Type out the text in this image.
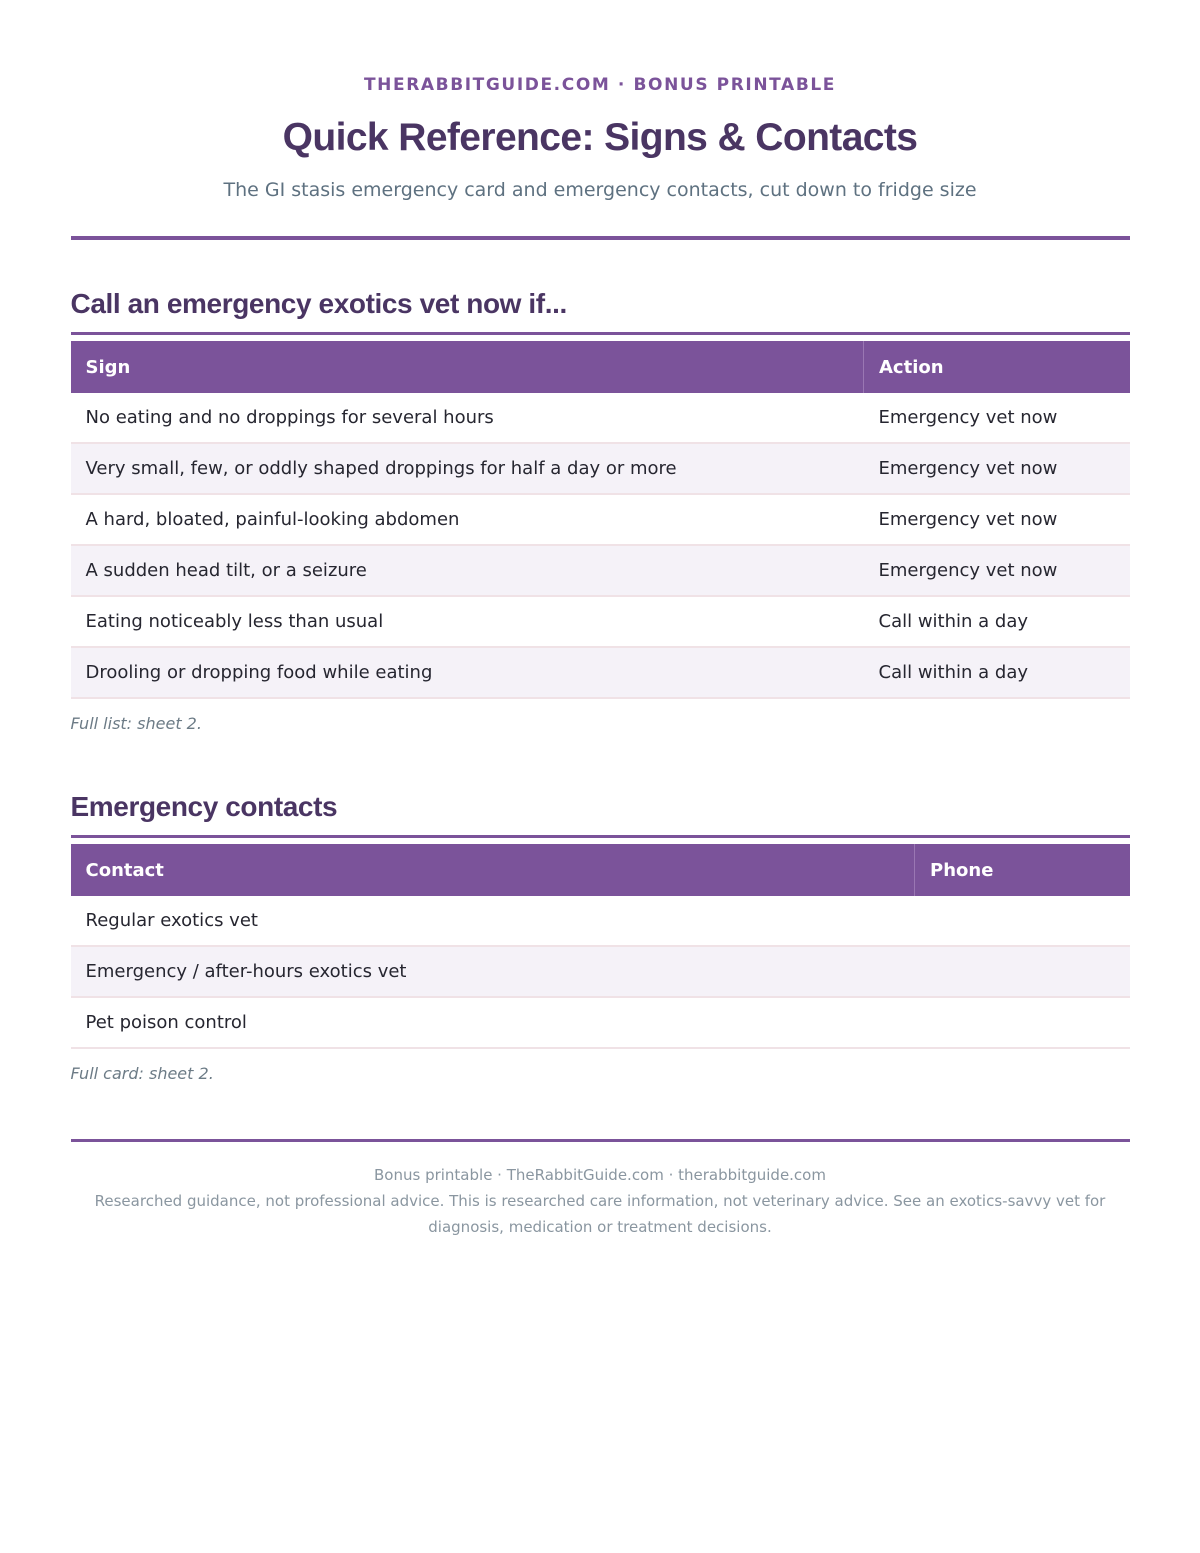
THERABBITGUIDE.COM · BONUS PRINTABLE
Quick Reference: Signs & Contacts
The GI stasis emergency card and emergency contacts, cut down to fridge size
Call an emergency exotics vet now if...
Sign	Action
No eating and no droppings for several hours	Emergency vet now
Very small, few, or oddly shaped droppings for half a day or more	Emergency vet now
A hard, bloated, painful-looking abdomen	Emergency vet now
A sudden head tilt, or a seizure	Emergency vet now
Eating noticeably less than usual	Call within a day
Drooling or dropping food while eating	Call within a day
Full list: sheet 2.
Emergency contacts
Contact	Phone
Regular exotics vet	
Emergency / after-hours exotics vet	
Pet poison control	
Full card: sheet 2.

Bonus printable · TheRabbitGuide.com · therabbitguide.com

Researched guidance, not professional advice. This is researched care information, not veterinary advice. See an exotics-savvy vet for diagnosis, medication or treatment decisions.
